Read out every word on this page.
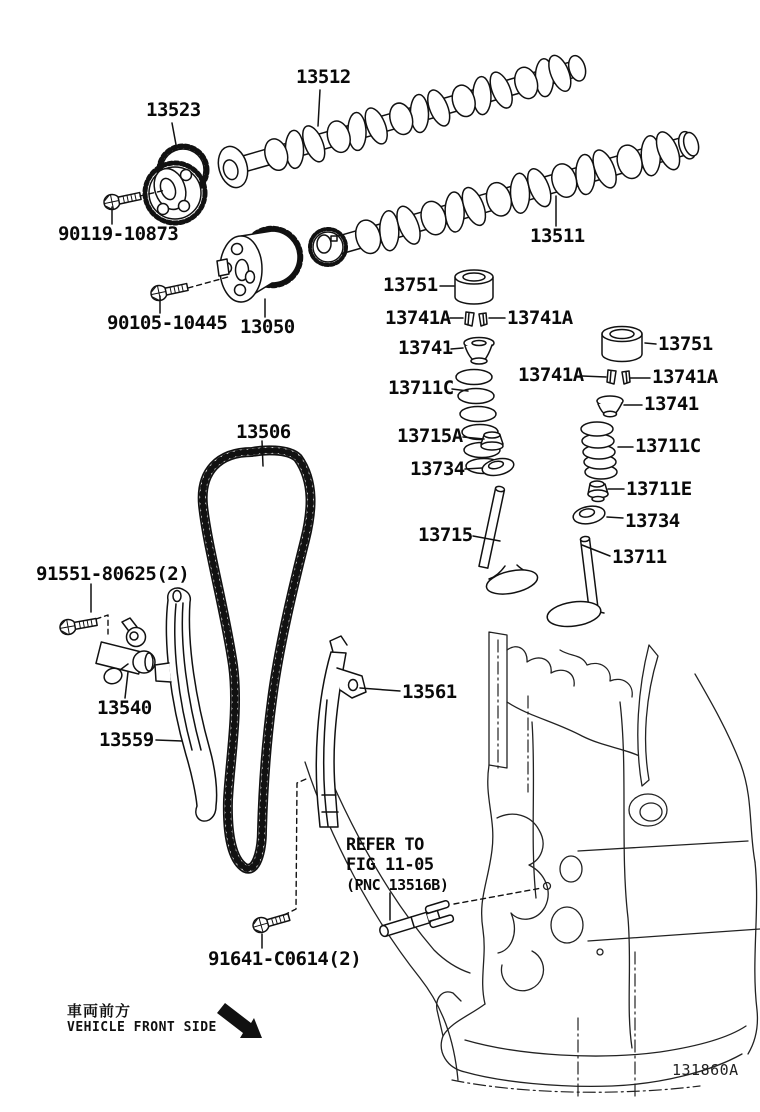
13512
13523
90119-10873
90105-10445 13050
13511
13751
13741A	13741A
13741
13711C
13741A	13741A
13751
13741
13711C
13715A
13734
13711E
13734
13715
13711
13506
91551-80625(2)
13540
13559
13561
91641-C0614(2)
REFER TO
FIG 11-05
(PNC 13516B)
車両前方
VEHICLE FRONT SIDE
131860A
